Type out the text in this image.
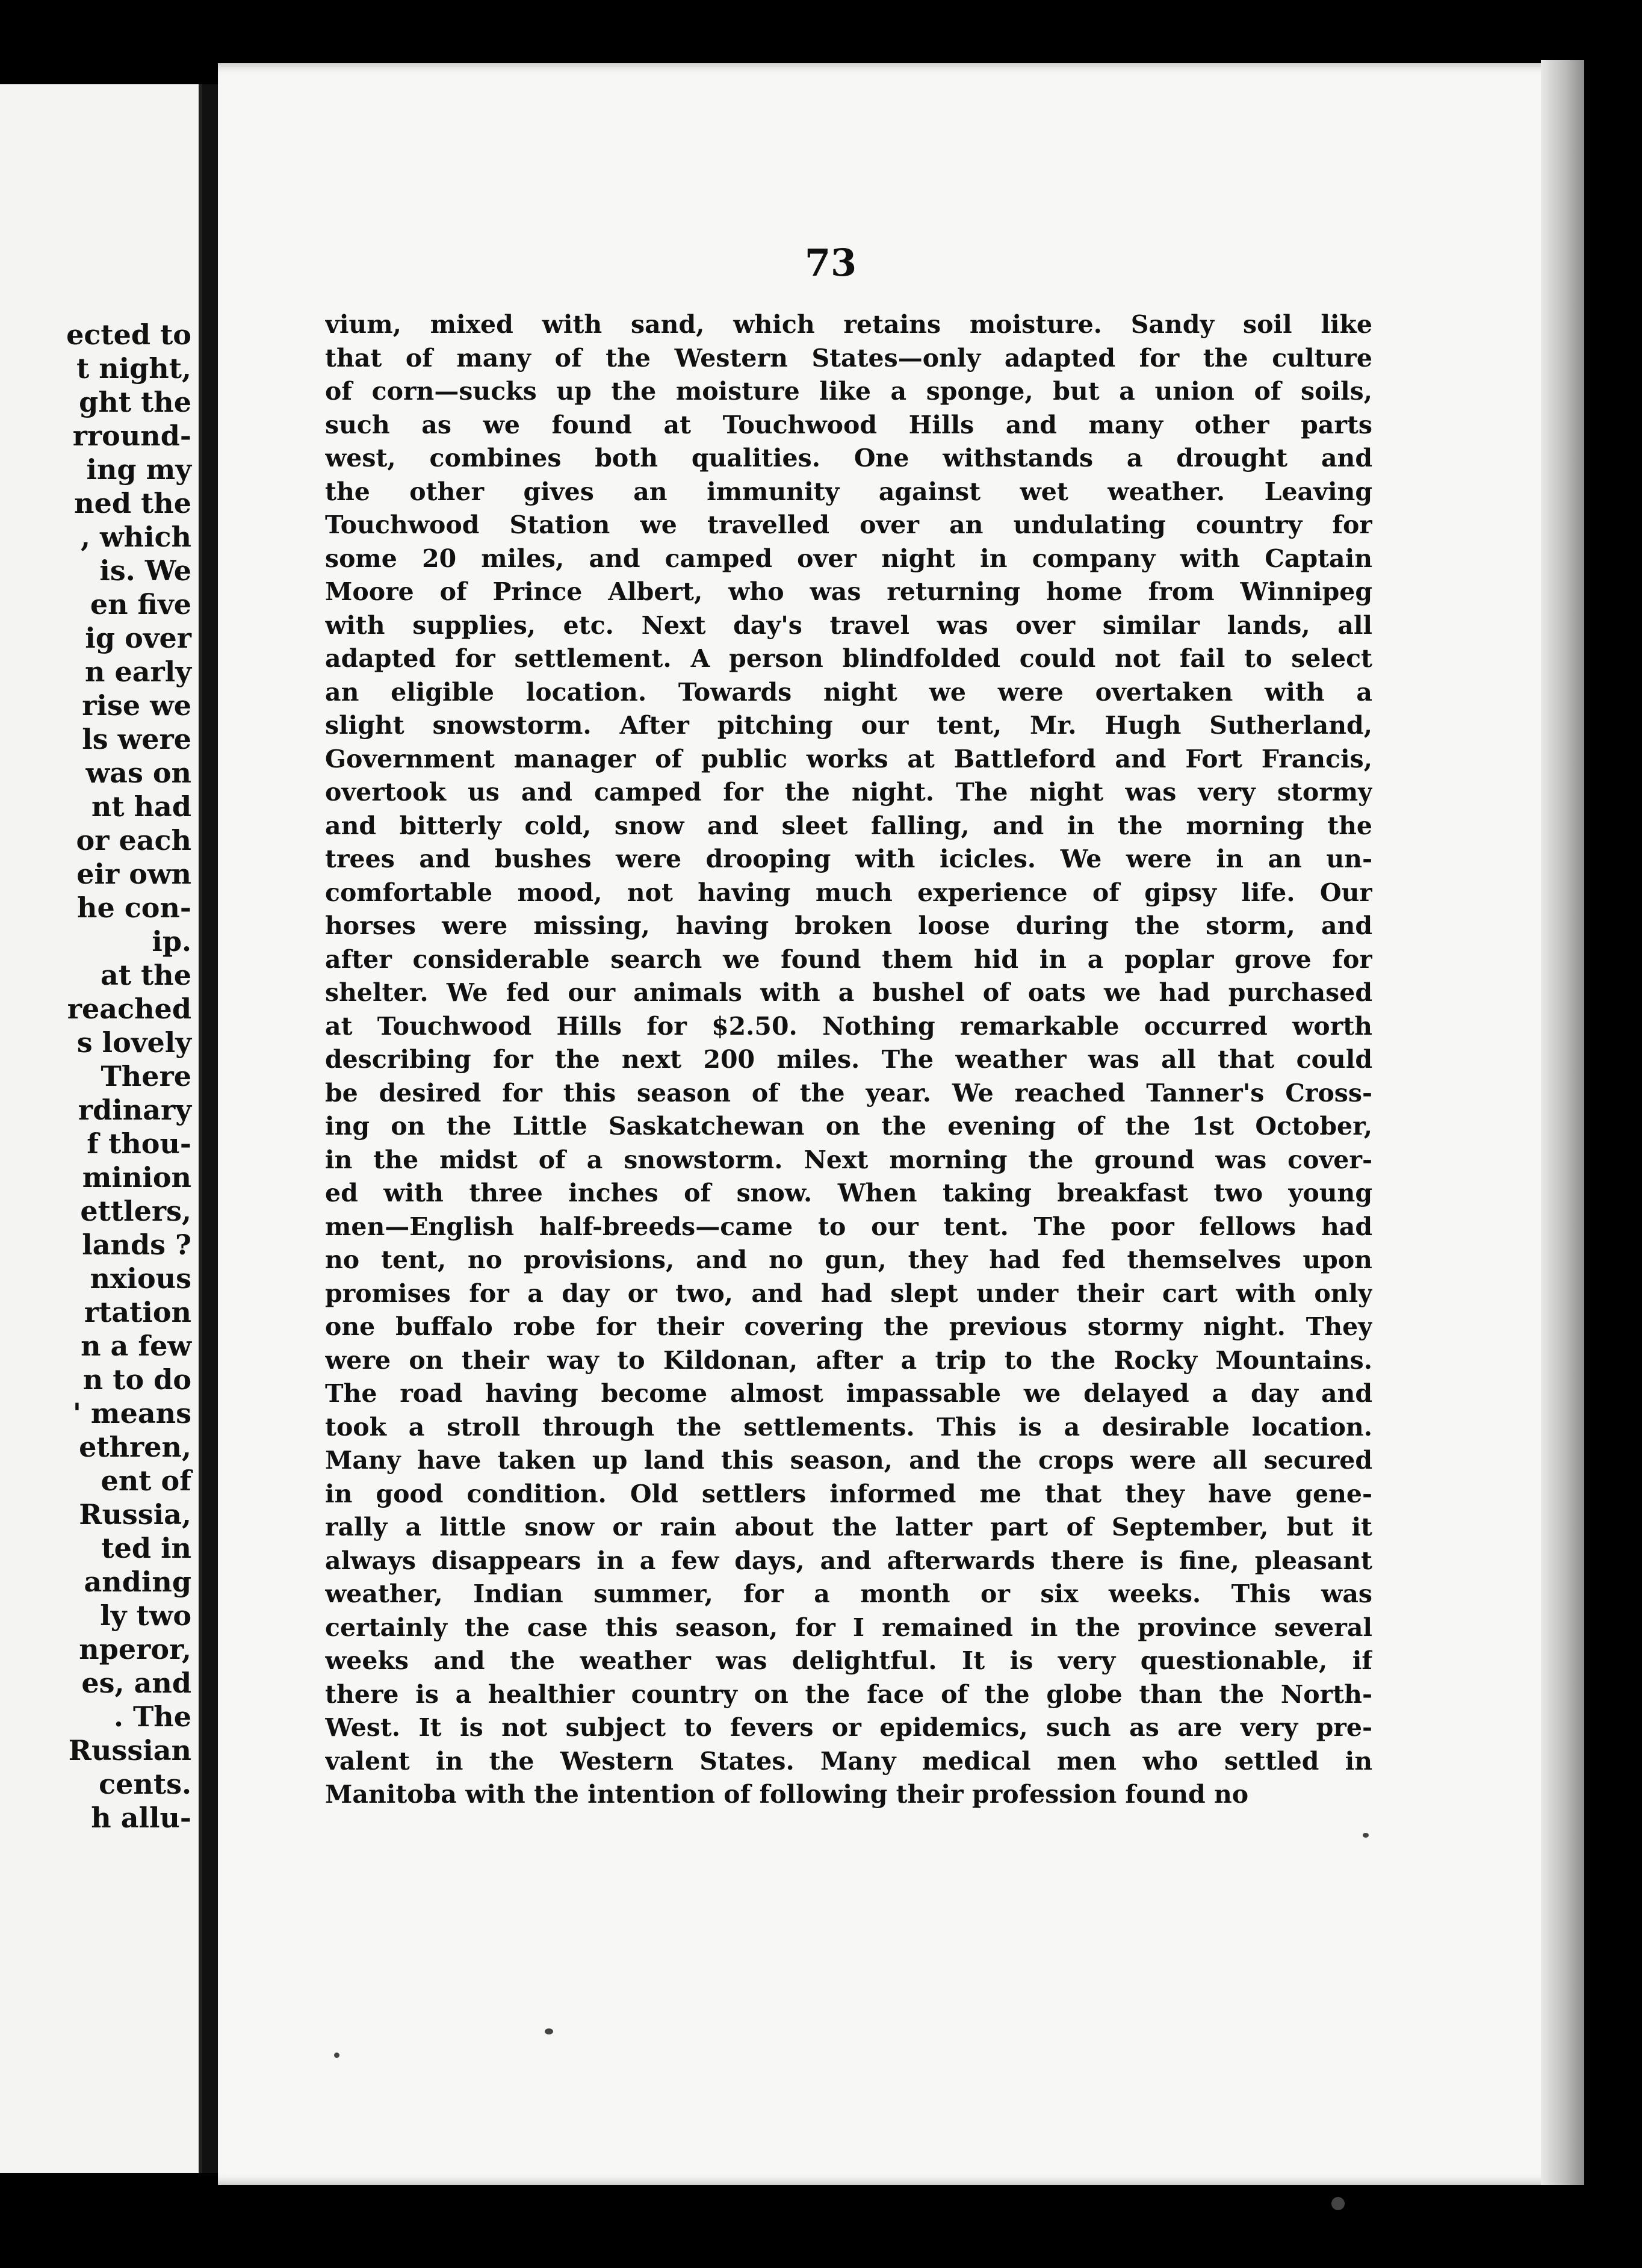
ected to
t night,
ght the
rround-
ing my
ned the
, which
is. We
en five
ig over
n early
rise we
ls were
was on
nt had
or each
eir own
he con-
ip.
at the
reached
s lovely
There
rdinary
f thou-
minion
ettlers,
lands ?
nxious
rtation
n a few
n to do
' means
ethren,
ent of
Russia,
ted in
anding
ly two
nperor,
es, and
. The
Russian
cents.
h allu-
73
vium, mixed with sand, which retains moisture. Sandy soil like
that of many of the Western States—only adapted for the culture
of corn—sucks up the moisture like a sponge, but a union of soils,
such as we found at Touchwood Hills and many other parts
west, combines both qualities. One withstands a drought and
the other gives an immunity against wet weather. Leaving
Touchwood Station we travelled over an undulating country for
some 20 miles, and camped over night in company with Captain
Moore of Prince Albert, who was returning home from Winnipeg
with supplies, etc. Next day's travel was over similar lands, all
adapted for settlement. A person blindfolded could not fail to select
an eligible location. Towards night we were overtaken with a
slight snowstorm. After pitching our tent, Mr. Hugh Sutherland,
Government manager of public works at Battleford and Fort Francis,
overtook us and camped for the night. The night was very stormy
and bitterly cold, snow and sleet falling, and in the morning the
trees and bushes were drooping with icicles. We were in an un-
comfortable mood, not having much experience of gipsy life. Our
horses were missing, having broken loose during the storm, and
after considerable search we found them hid in a poplar grove for
shelter. We fed our animals with a bushel of oats we had purchased
at Touchwood Hills for $2.50. Nothing remarkable occurred worth
describing for the next 200 miles. The weather was all that could
be desired for this season of the year. We reached Tanner's Cross-
ing on the Little Saskatchewan on the evening of the 1st October,
in the midst of a snowstorm. Next morning the ground was cover-
ed with three inches of snow. When taking breakfast two young
men—English half-breeds—came to our tent. The poor fellows had
no tent, no provisions, and no gun, they had fed themselves upon
promises for a day or two, and had slept under their cart with only
one buffalo robe for their covering the previous stormy night. They
were on their way to Kildonan, after a trip to the Rocky Mountains.
The road having become almost impassable we delayed a day and
took a stroll through the settlements. This is a desirable location.
Many have taken up land this season, and the crops were all secured
in good condition. Old settlers informed me that they have gene-
rally a little snow or rain about the latter part of September, but it
always disappears in a few days, and afterwards there is fine, pleasant
weather, Indian summer, for a month or six weeks. This was
certainly the case this season, for I remained in the province several
weeks and the weather was delightful. It is very questionable, if
there is a healthier country on the face of the globe than the North-
West. It is not subject to fevers or epidemics, such as are very pre-
valent in the Western States. Many medical men who settled in
Manitoba with the intention of following their profession found no
